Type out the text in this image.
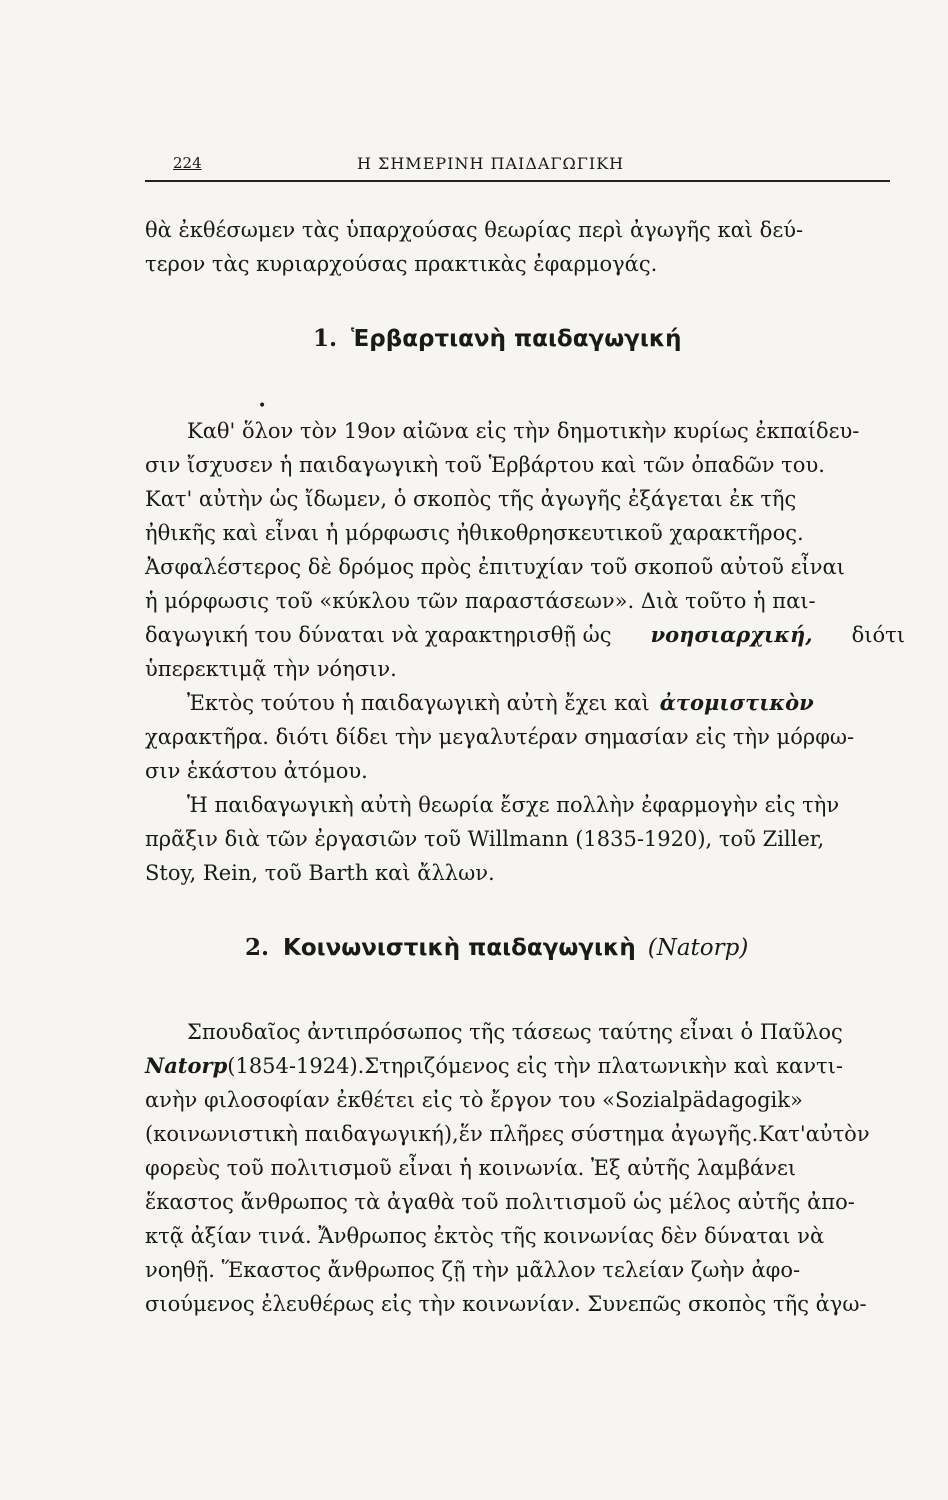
224	Η ΣΗΜΕΡΙΝΗ ΠΑΙΔΑΓΩΓΙΚΗ
θὰ ἐκθέσωμεν τὰς ὑπαρχούσας θεωρίας περὶ ἀγωγῆς καὶ δεύ-
τερον τὰς κυριαρχούσας πρακτικὰς ἐφαρμογάς.
1. Ἑρβαρτιανὴ παιδαγωγική
•
Καθ' ὅλον τὸν 19ον αἰῶνα εἰς τὴν δημοτικὴν κυρίως ἐκπαίδευ-
σιν ἴσχυσεν ἡ παιδαγωγικὴ τοῦ Ἑρβάρτου καὶ τῶν ὀπαδῶν του.
Κατ' αὐτὴν ὡς ἴδωμεν, ὁ σκοπὸς τῆς ἀγωγῆς ἐξάγεται ἐκ τῆς
ἠθικῆς καὶ εἶναι ἡ μόρφωσις ἠθικοθρησκευτικοῦ χαρακτῆρος.
Ἀσφαλέστερος δὲ δρόμος πρὸς ἐπιτυχίαν τοῦ σκοποῦ αὐτοῦ εἶναι
ἡ μόρφωσις τοῦ «κύκλου τῶν παραστάσεων». Διὰ τοῦτο ἡ παι-
δαγωγική του δύναται νὰ χαρακτηρισθῇ ὡς νοησιαρχική, διότι
ὑπερεκτιμᾷ τὴν νόησιν.
Ἐκτὸς τούτου ἡ παιδαγωγικὴ αὐτὴ ἔχει καὶ ἀτομιστικὸν
χαρακτῆρα. διότι δίδει τὴν μεγαλυτέραν σημασίαν εἰς τὴν μόρφω-
σιν ἑκάστου ἀτόμου.
Ἡ παιδαγωγικὴ αὐτὴ θεωρία ἔσχε πολλὴν ἐφαρμογὴν εἰς τὴν
πρᾶξιν διὰ τῶν ἐργασιῶν τοῦ Willmann (1835-1920), τοῦ Ziller,
Stoy, Rein, τοῦ Barth καὶ ἄλλων.
2. Κοινωνιστικὴ παιδαγωγικὴ (Natorp)
Σπουδαῖος ἀντιπρόσωπος τῆς τάσεως ταύτης εἶναι ὁ Παῦλος
Natorp (1854-1924).Στηριζόμενος εἰς τὴν πλατωνικὴν καὶ καντι-
ανὴν φιλοσοφίαν ἐκθέτει εἰς τὸ ἔργον του «Sozialpädagogik»
(κοινωνιστικὴ παιδαγωγική),ἕν πλῆρες σύστημα ἀγωγῆς.Κατ'αὐτὸν
φορεὺς τοῦ πολιτισμοῦ εἶναι ἡ κοινωνία. Ἐξ αὐτῆς λαμβάνει
ἕκαστος ἄνθρωπος τὰ ἀγαθὰ τοῦ πολιτισμοῦ ὡς μέλος αὐτῆς ἀπο-
κτᾷ ἀξίαν τινά. Ἄνθρωπος ἐκτὸς τῆς κοινωνίας δὲν δύναται νὰ
νοηθῇ. Ἕκαστος ἄνθρωπος ζῇ τὴν μᾶλλον τελείαν ζωὴν ἀφο-
σιούμενος ἐλευθέρως εἰς τὴν κοινωνίαν. Συνεπῶς σκοπὸς τῆς ἀγω-
